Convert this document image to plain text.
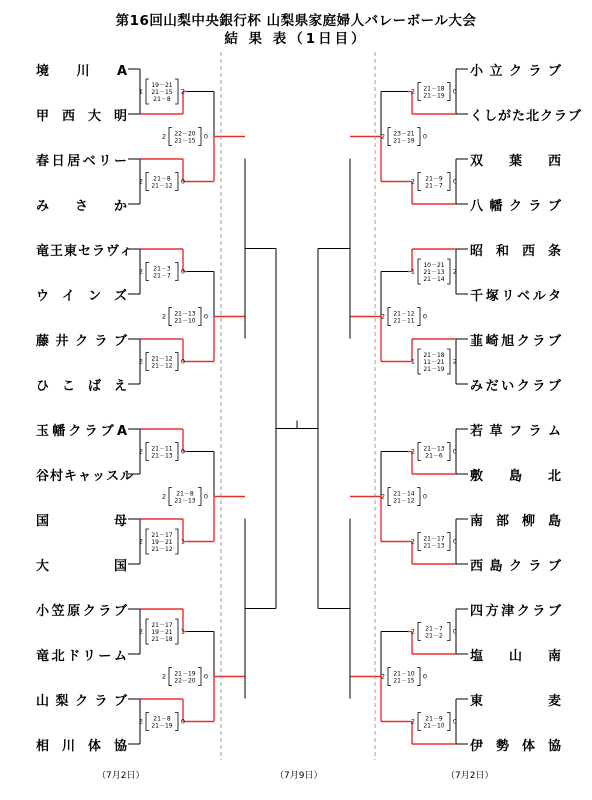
第16回山梨中央銀行杯 山梨県家庭婦人バレーボール大会
結 果 表（1日目）
境　川　A
甲西大明
春日居ベリー
み　さ　か
竜王東セラヴィ
ウインズ
藤井クラブ
ひこばえ
玉幡クラブA
谷村キャッスル
国　　母
大　　国
小笠原クラブ
竜北ドリーム
山梨クラブ
相川体協
小立クラブ
くしがた北クラブ
双　葉　西
八幡クラブ
昭和西条
千塚リベルタ
韮崎旭クラブ
みだいクラブ
若草フラム
敷　島　北
南部柳島
西島クラブ
四方津クラブ
塩　山　南
東　　麦
伊勢体協
19－21
21－15
21－8
1	2
21－8
21－12
2	0
21－3
21－7
2	0
21－12
21－12
2	0
21－11
21－13
2	0
21－17
19－21
21－12
2	1
21－17
19－21
21－18
2	1
21－8
21－19
2	0
22－20
21－15
2	0
21－13
21－10
2	0
21－8
21－13
2	0
21－19
22－20
2	0
21－18
21－19
2	0
21－9
21－7
2	0
10－21
21－13
21－14
1	2
21－18
11－21
21－19
1	2
21－13
21－6
2	0
21－17
21－13
2	0
21－7
21－2
2	0
21－9
21－10
2	0
23－21
21－19
2	0
21－12
21－11
2	0
21－14
21－12
2	0
21－10
21－15
2	0
（7月2日）	（7月9日）	（7月2日）
